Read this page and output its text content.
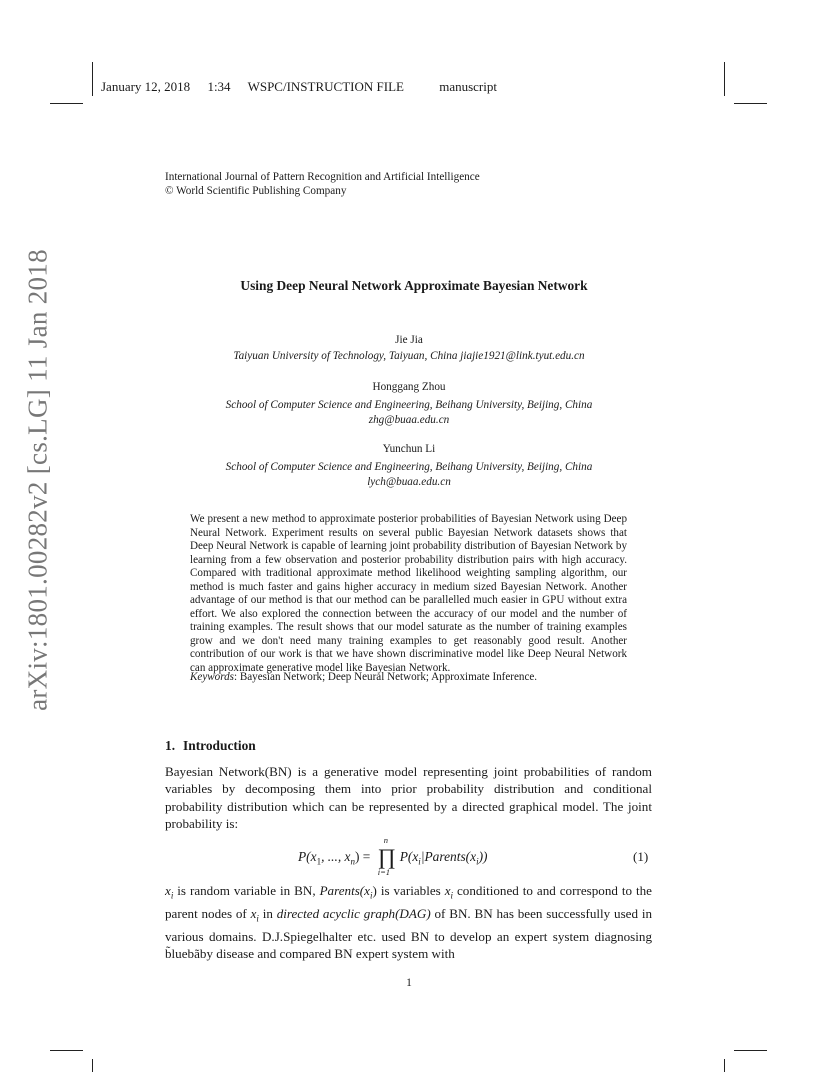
January 12, 2018 1:34 WSPC/INSTRUCTION FILE	manuscript
International Journal of Pattern Recognition and Artificial Intelligence
© World Scientific Publishing Company
arXiv:1801.00282v2 [cs.LG] 11 Jan 2018	Using Deep Neural Network Approximate Bayesian Network
Jie Jia
Taiyuan University of Technology, Taiyuan, China jiajie1921@link.tyut.edu.cn
Honggang Zhou
School of Computer Science and Engineering, Beihang University, Beijing, China
zhg@buaa.edu.cn
Yunchun Li
School of Computer Science and Engineering, Beihang University, Beijing, China
lych@buaa.edu.cn
We present a new method to approximate posterior probabilities of Bayesian Network using Deep Neural Network. Experiment results on several public Bayesian Network datasets shows that Deep Neural Network is capable of learning joint probability distribution of Bayesian Network by learning from a few observation and posterior probability distribution pairs with high accuracy. Compared with traditional approximate method likelihood weighting sampling algorithm, our method is much faster and gains higher accuracy in medium sized Bayesian Network. Another advantage of our method is that our method can be parallelled much easier in GPU without extra effort. We also explored the connection between the accuracy of our model and the number of training examples. The result shows that our model saturate as the number of training examples grow and we don't need many training examples to get reasonably good result. Another contribution of our work is that we have shown discriminative model like Deep Neural Network can approximate generative model like Bayesian Network.
Keywords: Bayesian Network; Deep Neural Network; Approximate Inference.
1. Introduction
Bayesian Network(BN) is a generative model representing joint probabilities of random variables by decomposing them into prior probability distribution and conditional probability distribution which can be represented by a directed graphical model. The joint probability is:
$P(x_1$, ..., $x_n$) =
n
∏
i=1
$P(x_i|Parents(x_i))$	(1)
$x_i$ is random variable in BN, $Parents(x_i)$ is variables $x_i$ conditioned to and correspond to the parent nodes of $x_i$ in directed acyclic graph(DAG) of BN. BN has been successfully used in various domains. D.J.Spiegelhalter etc. used BN to develop an expert system diagnosing b̃luebãby disease and compared BN expert system with
1
